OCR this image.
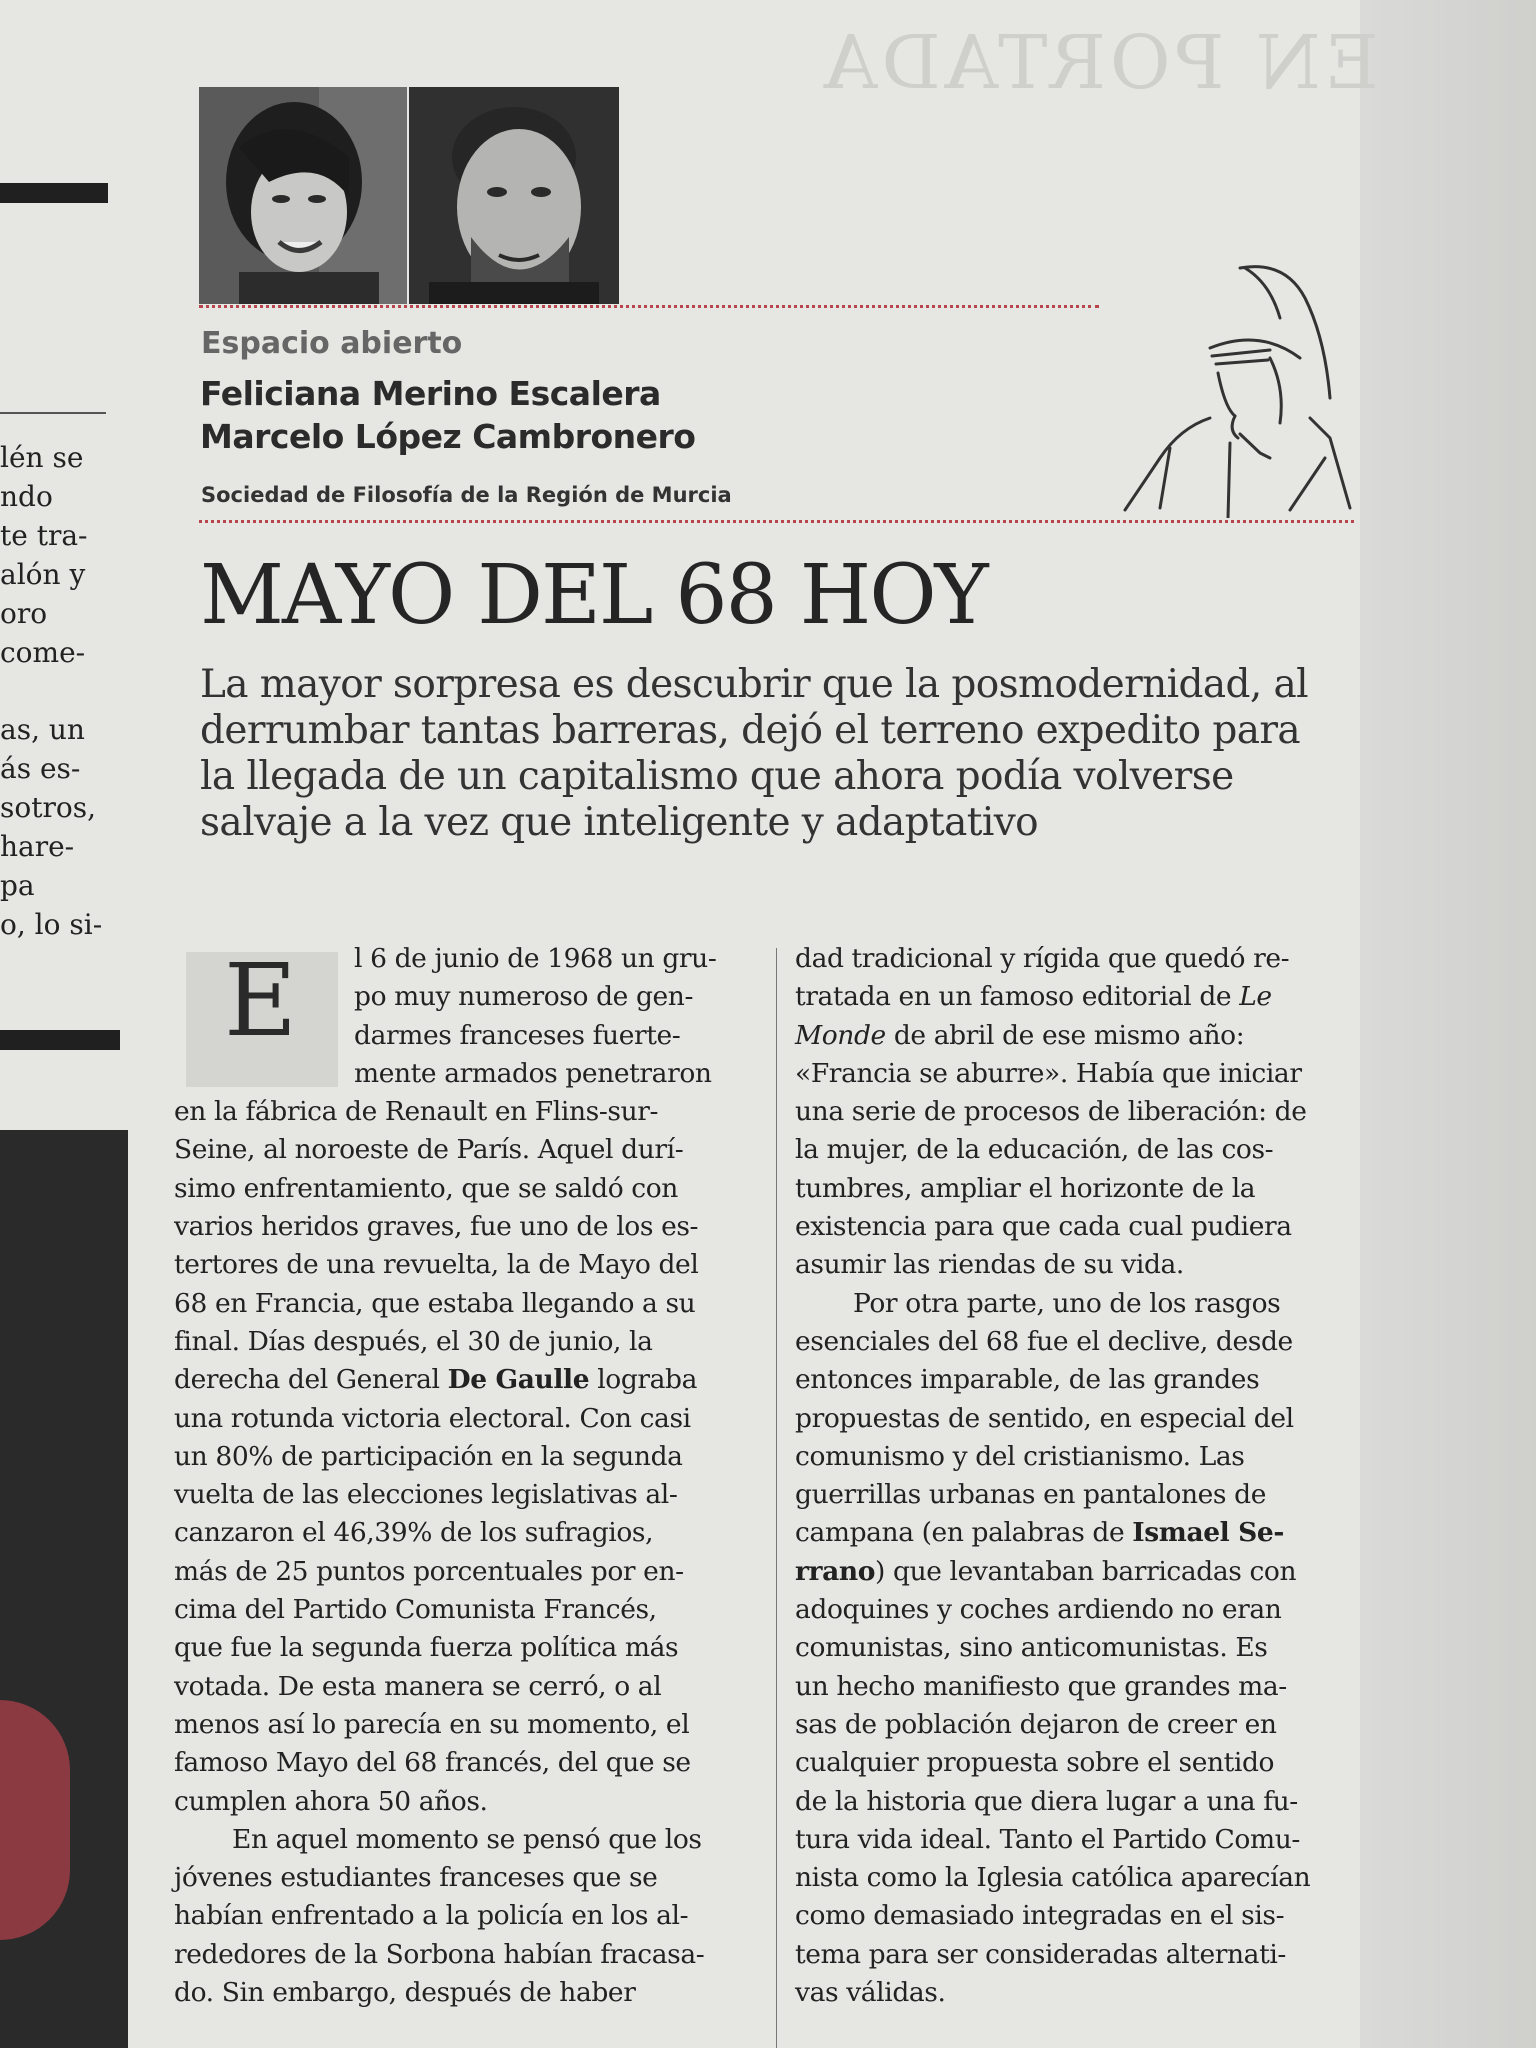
EN PORTADA
lén se
ndo
te tra-
alón y
oro
come-
as, un
ás es-
sotros,
hare-
pa
o, lo si-
Espacio abierto
Feliciana Merino Escalera
Marcelo López Cambronero
Sociedad de Filosofía de la Región de Murcia
MAYO DEL 68 HOY
La mayor sorpresa es descubrir que la posmodernidad, al
derrumbar tantas barreras, dejó el terreno expedito para
la llegada de un capitalismo que ahora podía volverse
salvaje a la vez que inteligente y adaptativo
E	l 6 de junio de 1968 un gru-
po muy numeroso de gen-
darmes franceses fuerte-
mente armados penetraron
en la fábrica de Renault en Flins-sur-
Seine, al noroeste de París. Aquel durí-
simo enfrentamiento, que se saldó con
varios heridos graves, fue uno de los es-
tertores de una revuelta, la de Mayo del
68 en Francia, que estaba llegando a su
final. Días después, el 30 de junio, la
derecha del General De Gaulle lograba
una rotunda victoria electoral. Con casi
un 80% de participación en la segunda
vuelta de las elecciones legislativas al-
canzaron el 46,39% de los sufragios,
más de 25 puntos porcentuales por en-
cima del Partido Comunista Francés,
que fue la segunda fuerza política más
votada. De esta manera se cerró, o al
menos así lo parecía en su momento, el
famoso Mayo del 68 francés, del que se
cumplen ahora 50 años.
En aquel momento se pensó que los
jóvenes estudiantes franceses que se
habían enfrentado a la policía en los al-
rededores de la Sorbona habían fracasa-
do. Sin embargo, después de haber
dad tradicional y rígida que quedó re-
tratada en un famoso editorial de Le
Monde de abril de ese mismo año:
«Francia se aburre». Había que iniciar
una serie de procesos de liberación: de
la mujer, de la educación, de las cos-
tumbres, ampliar el horizonte de la
existencia para que cada cual pudiera
asumir las riendas de su vida.
Por otra parte, uno de los rasgos
esenciales del 68 fue el declive, desde
entonces imparable, de las grandes
propuestas de sentido, en especial del
comunismo y del cristianismo. Las
guerrillas urbanas en pantalones de
campana (en palabras de Ismael Se-
rrano) que levantaban barricadas con
adoquines y coches ardiendo no eran
comunistas, sino anticomunistas. Es
un hecho manifiesto que grandes ma-
sas de población dejaron de creer en
cualquier propuesta sobre el sentido
de la historia que diera lugar a una fu-
tura vida ideal. Tanto el Partido Comu-
nista como la Iglesia católica aparecían
como demasiado integradas en el sis-
tema para ser consideradas alternati-
vas válidas.
